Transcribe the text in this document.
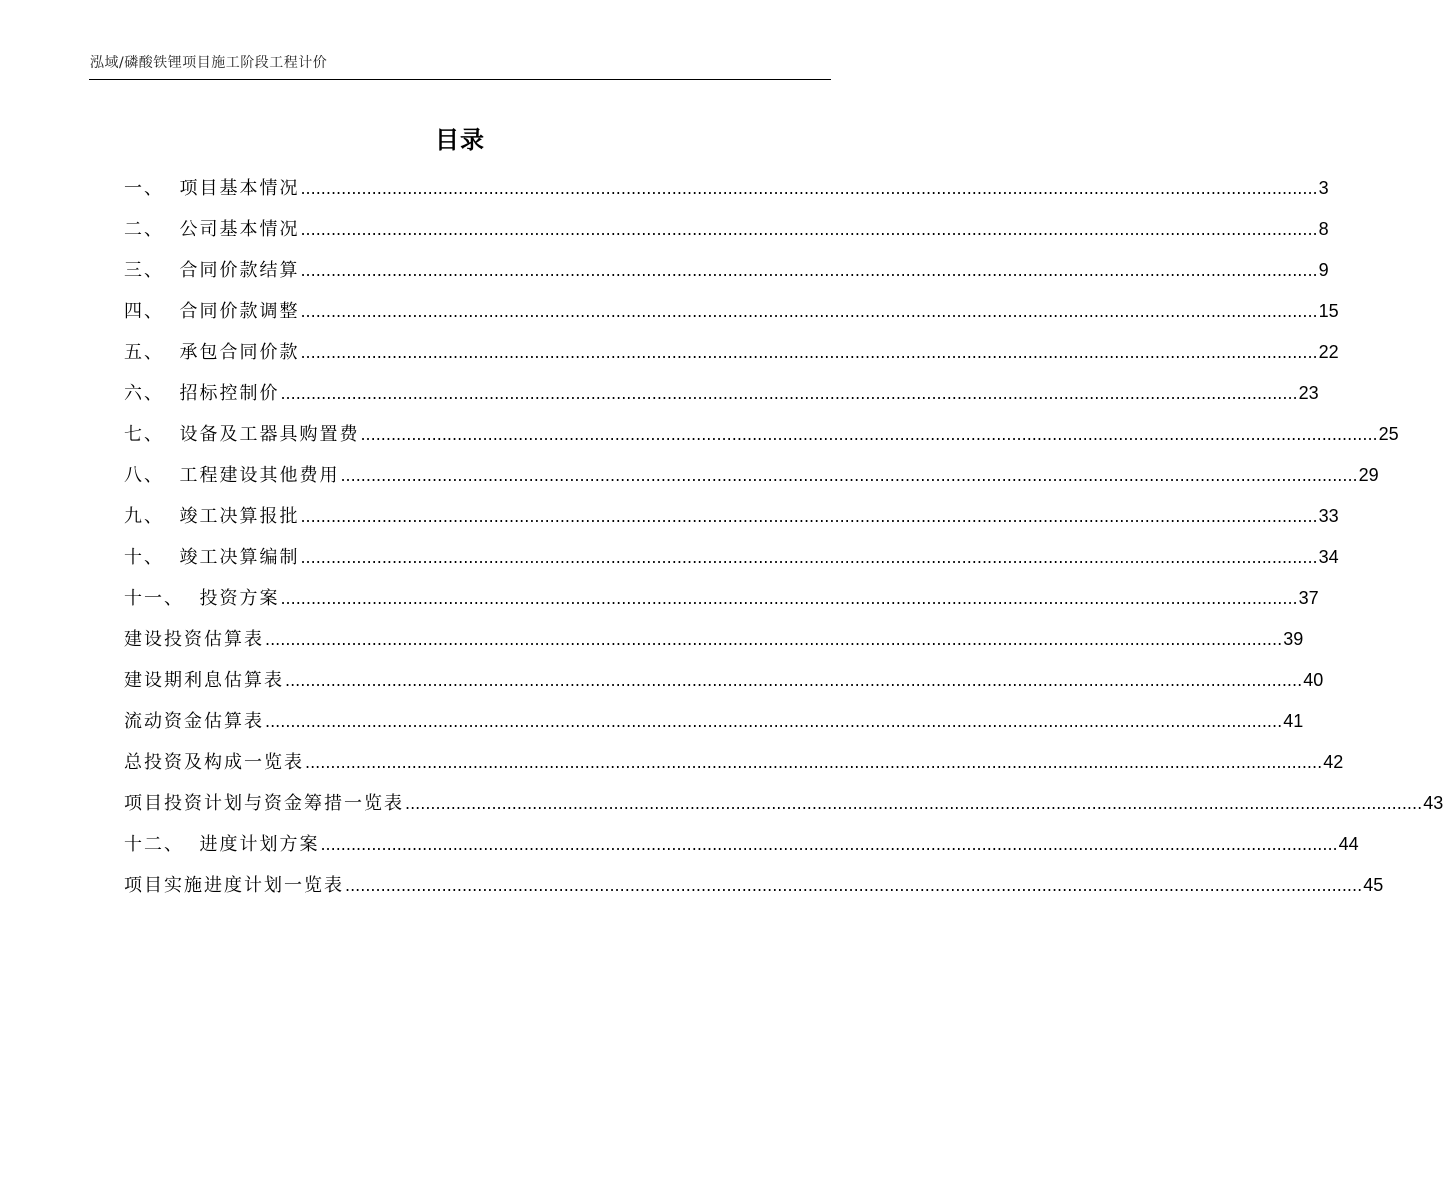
泓域/磷酸铁锂项目施工阶段工程计价
目录
一、 项目基本情况 ........................................................................................................................................................................................................ 3
二、 公司基本情况 ........................................................................................................................................................................................................ 8
三、 合同价款结算 ........................................................................................................................................................................................................ 9
四、 合同价款调整 ........................................................................................................................................................................................................ 15
五、 承包合同价款 ........................................................................................................................................................................................................ 22
六、 招标控制价 ........................................................................................................................................................................................................ 23
七、 设备及工器具购置费 ........................................................................................................................................................................................................ 25
八、 工程建设其他费用 ........................................................................................................................................................................................................ 29
九、 竣工决算报批 ........................................................................................................................................................................................................ 33
十、 竣工决算编制 ........................................................................................................................................................................................................ 34
十一、 投资方案 ........................................................................................................................................................................................................ 37
建设投资估算表 ........................................................................................................................................................................................................ 39
建设期利息估算表 ........................................................................................................................................................................................................ 40
流动资金估算表 ........................................................................................................................................................................................................ 41
总投资及构成一览表 ........................................................................................................................................................................................................ 42
项目投资计划与资金筹措一览表 ........................................................................................................................................................................................................ 43
十二、 进度计划方案 ........................................................................................................................................................................................................ 44
项目实施进度计划一览表 ........................................................................................................................................................................................................ 45
